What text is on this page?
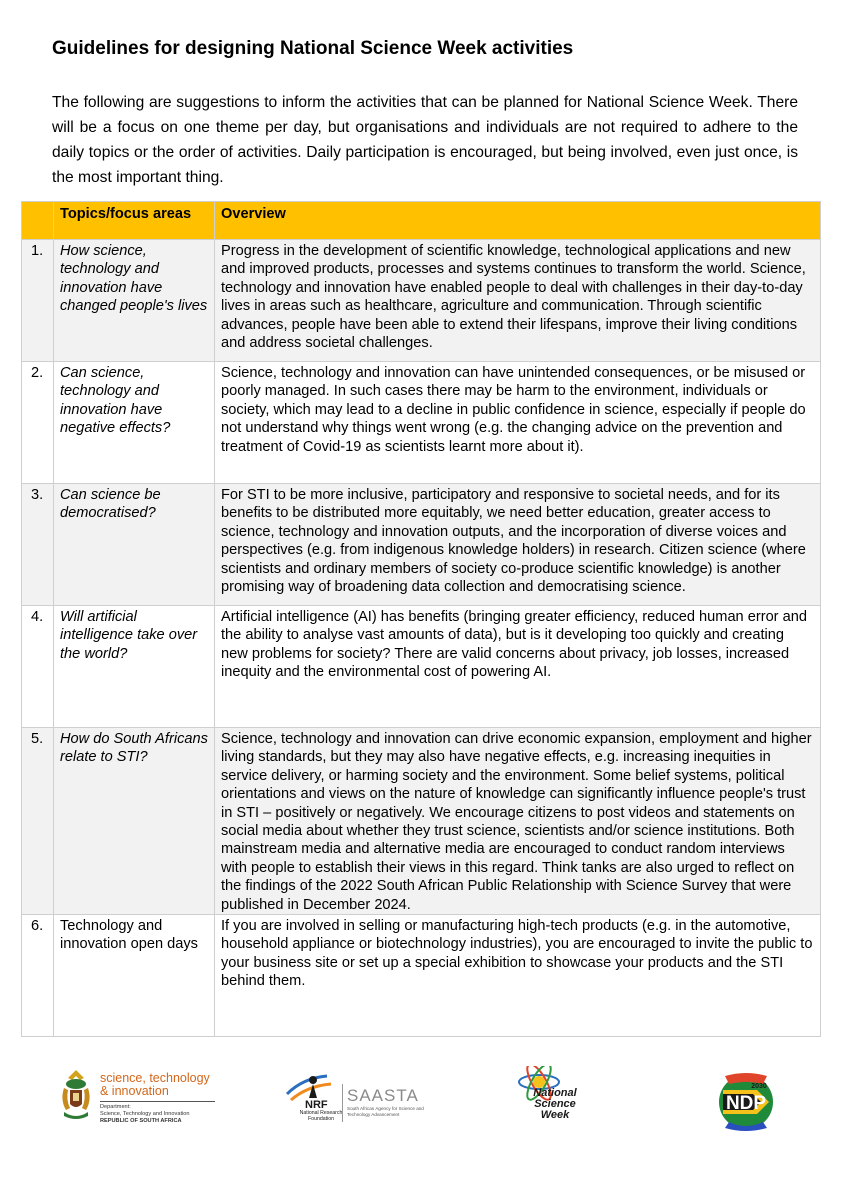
Guidelines for designing National Science Week activities

The following are suggestions to inform the activities that can be planned for National Science Week. There will be a focus on one theme per day, but organisations and individuals are not required to adhere to the daily topics or the order of activities. Daily participation is encouraged, but being involved, even just once, is the most important thing.

	Topics/focus areas	Overview
1.	How science, technology and innovation have changed people's lives	Progress in the development of scientific knowledge, technological applications and new and improved products, processes and systems continues to transform the world. Science, technology and innovation have enabled people to deal with challenges in their day-to-day lives in areas such as healthcare, agriculture and communication. Through scientific advances, people have been able to extend their lifespans, improve their living conditions and address societal challenges.
2.	Can science, technology and innovation have negative effects?	Science, technology and innovation can have unintended consequences, or be misused or poorly managed. In such cases there may be harm to the environment, individuals or society, which may lead to a decline in public confidence in science, especially if people do not understand why things went wrong (e.g. the changing advice on the prevention and treatment of Covid-19 as scientists learnt more about it).
3.	Can science be democratised?	For STI to be more inclusive, participatory and responsive to societal needs, and for its benefits to be distributed more equitably, we need better education, greater access to science, technology and innovation outputs, and the incorporation of diverse voices and perspectives (e.g. from indigenous knowledge holders) in research. Citizen science (where scientists and ordinary members of society co-produce scientific knowledge) is another promising way of broadening data collection and democratising science.
4.	Will artificial intelligence take over the world?	Artificial intelligence (AI) has benefits (bringing greater efficiency, reduced human error and the ability to analyse vast amounts of data), but is it developing too quickly and creating new problems for society? There are valid concerns about privacy, job losses, increased inequity and the environmental cost of powering AI.
5.	How do South Africans relate to STI?	Science, technology and innovation can drive economic expansion, employment and higher living standards, but they may also have negative effects, e.g. increasing inequities in service delivery, or harming society and the environment. Some belief systems, political orientations and views on the nature of knowledge can significantly influence people's trust in STI – positively or negatively. We encourage citizens to post videos and statements on social media about whether they trust science, scientists and/or science institutions. Both mainstream media and alternative media are encouraged to conduct random interviews with people to establish their views in this regard. Think tanks are also urged to reflect on the findings of the 2022 South African Public Relationship with Science Survey that were published in December 2024.
6.	Technology and innovation open days	If you are involved in selling or manufacturing high-tech products (e.g. in the automotive, household appliance or biotechnology industries), you are encouraged to invite the public to your business site or set up a special exhibition to showcase your products and the STI behind them.
science, technology & innovation
Department:
Science, Technology and Innovation
REPUBLIC OF SOUTH AFRICA
NRF
National Research Foundation
SAASTA
South African Agency for Science and Technology Advancement
National Science Week
NDP
2030
